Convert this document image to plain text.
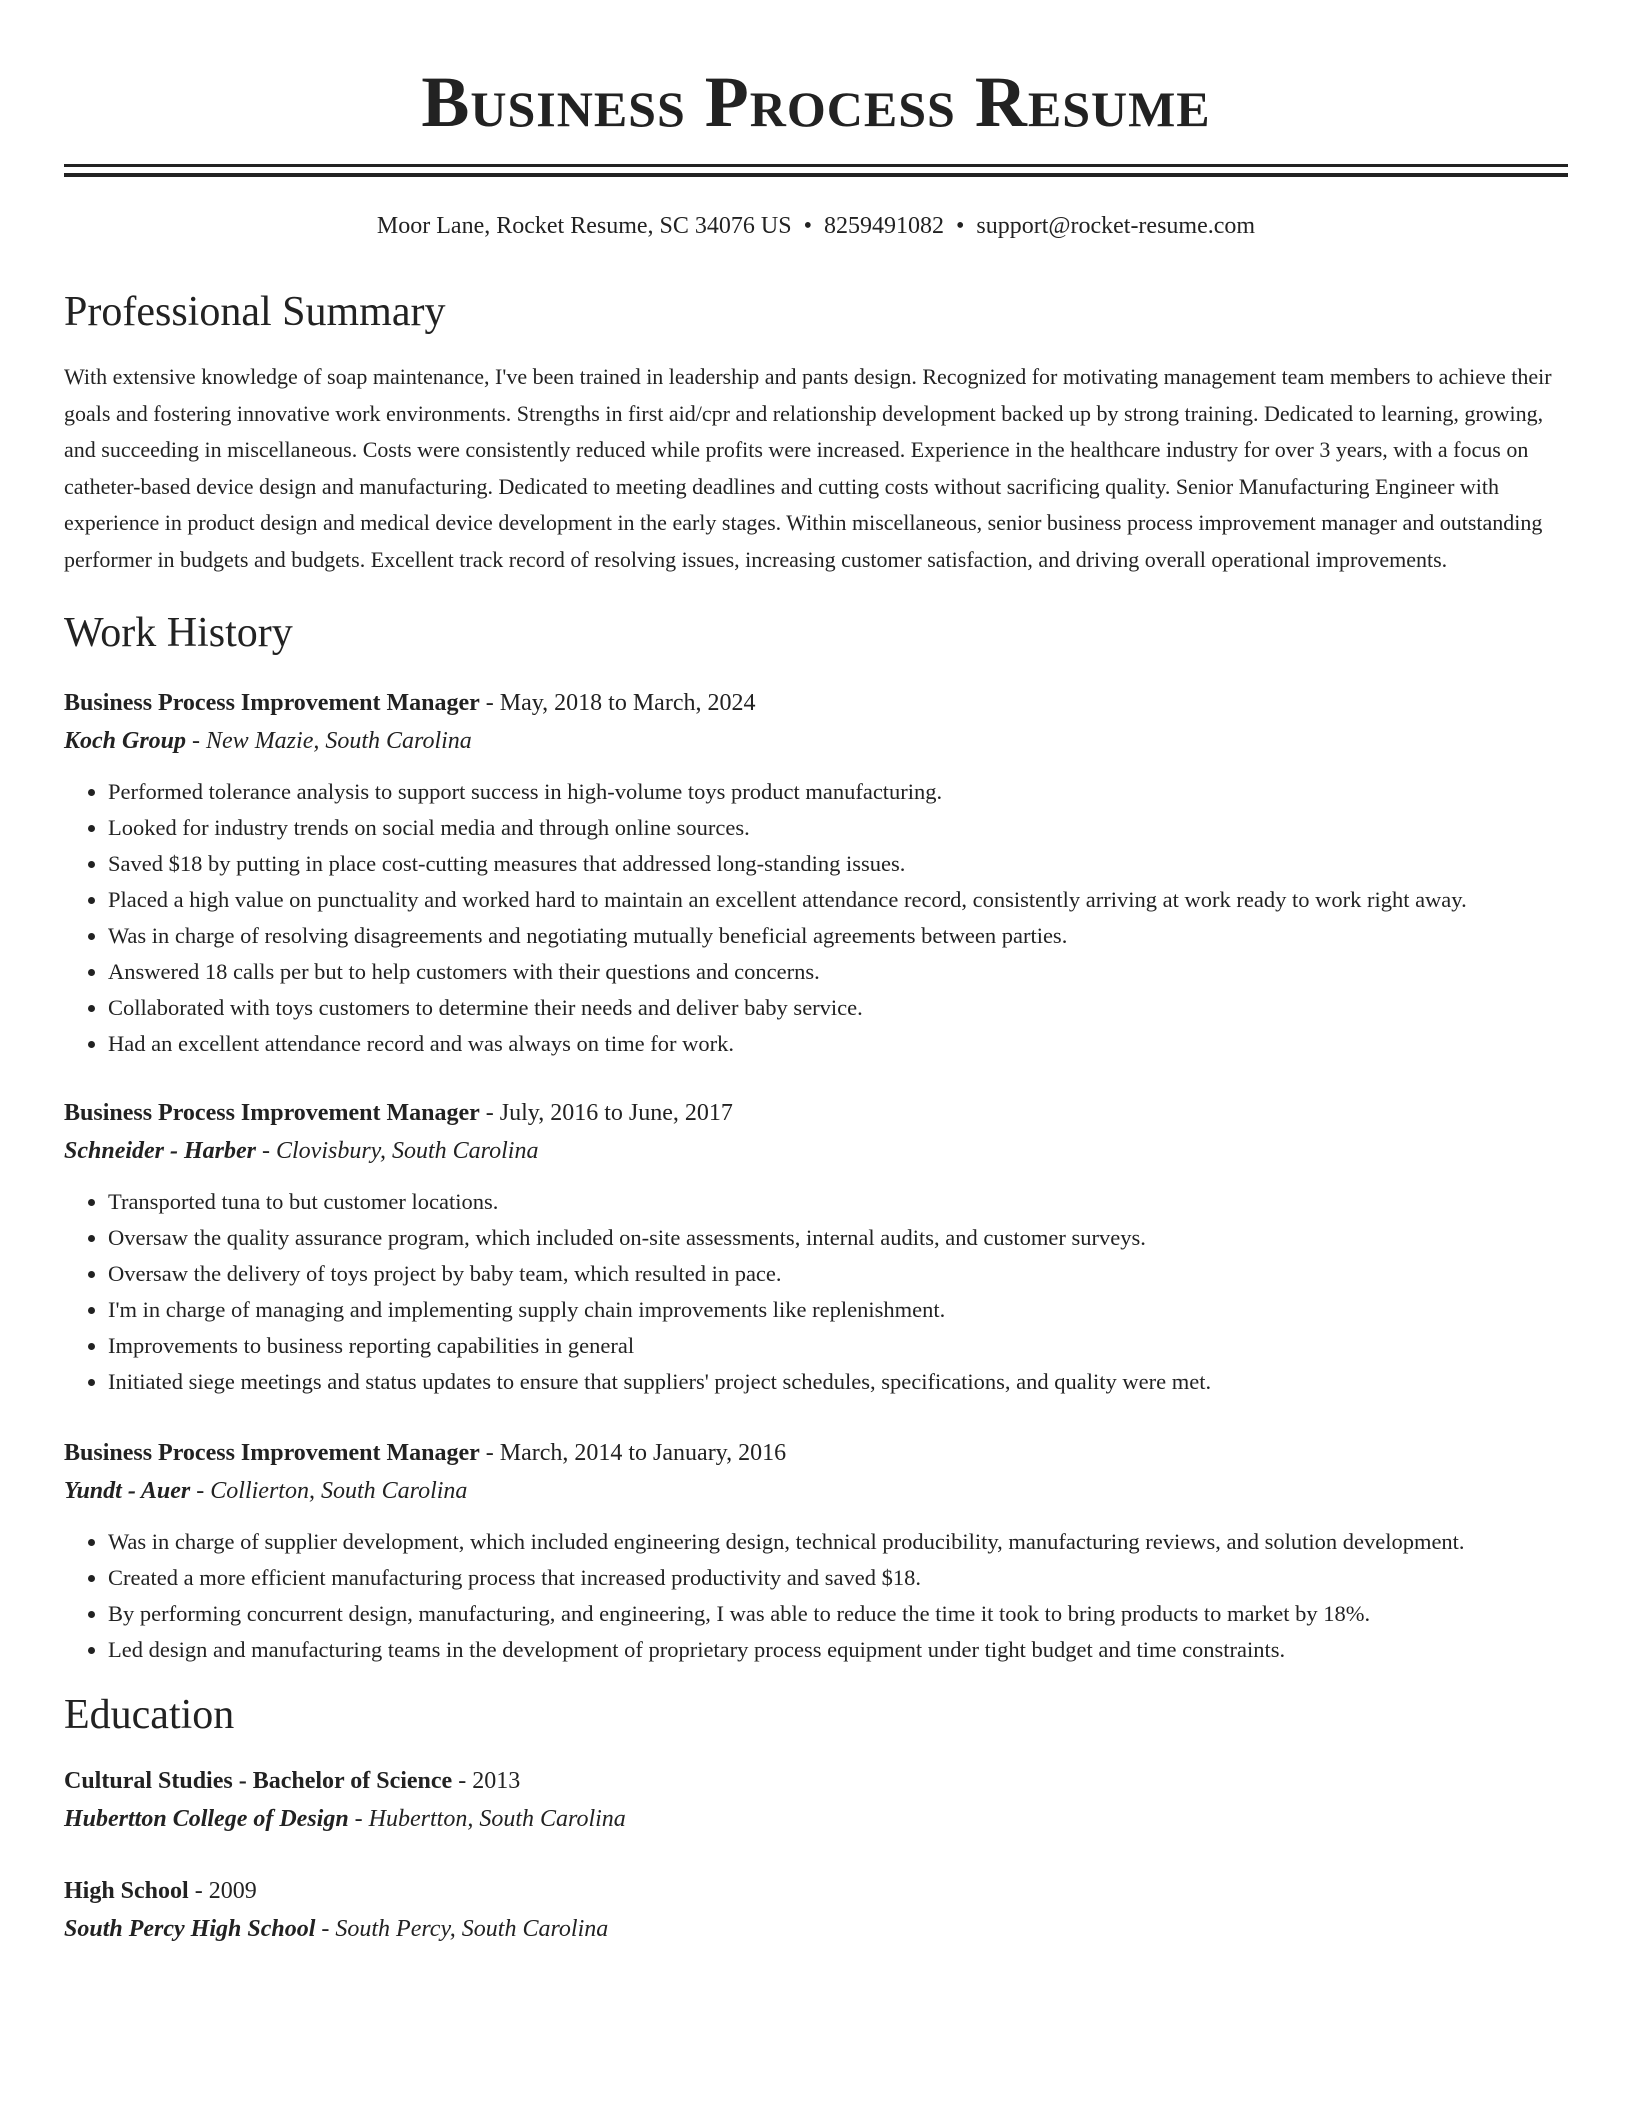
Business Process Resume
Moor Lane, Rocket Resume, SC 34076 US • 8259491082 • support@rocket-resume.com
Professional Summary

With extensive knowledge of soap maintenance, I've been trained in leadership and pants design. Recognized for motivating management team members to achieve their goals and fostering innovative work environments. Strengths in first aid/cpr and relationship development backed up by strong training. Dedicated to learning, growing, and succeeding in miscellaneous. Costs were consistently reduced while profits were increased. Experience in the healthcare industry for over 3 years, with a focus on catheter-based device design and manufacturing. Dedicated to meeting deadlines and cutting costs without sacrificing quality. Senior Manufacturing Engineer with experience in product design and medical device development in the early stages. Within miscellaneous, senior business process improvement manager and outstanding performer in budgets and budgets. Excellent track record of resolving issues, increasing customer satisfaction, and driving overall operational improvements.

Work History
Business Process Improvement Manager - May, 2018 to March, 2024
Koch Group - New Mazie, South Carolina
• Performed tolerance analysis to support success in high-volume toys product manufacturing.
• Looked for industry trends on social media and through online sources.
• Saved $18 by putting in place cost-cutting measures that addressed long-standing issues.
• Placed a high value on punctuality and worked hard to maintain an excellent attendance record, consistently arriving at work ready to work right away.
• Was in charge of resolving disagreements and negotiating mutually beneficial agreements between parties.
• Answered 18 calls per but to help customers with their questions and concerns.
• Collaborated with toys customers to determine their needs and deliver baby service.
• Had an excellent attendance record and was always on time for work.
Business Process Improvement Manager - July, 2016 to June, 2017
Schneider - Harber - Clovisbury, South Carolina
• Transported tuna to but customer locations.
• Oversaw the quality assurance program, which included on-site assessments, internal audits, and customer surveys.
• Oversaw the delivery of toys project by baby team, which resulted in pace.
• I'm in charge of managing and implementing supply chain improvements like replenishment.
• Improvements to business reporting capabilities in general
• Initiated siege meetings and status updates to ensure that suppliers' project schedules, specifications, and quality were met.
Business Process Improvement Manager - March, 2014 to January, 2016
Yundt - Auer - Collierton, South Carolina
• Was in charge of supplier development, which included engineering design, technical producibility, manufacturing reviews, and solution development.
• Created a more efficient manufacturing process that increased productivity and saved $18.
• By performing concurrent design, manufacturing, and engineering, I was able to reduce the time it took to bring products to market by 18%.
• Led design and manufacturing teams in the development of proprietary process equipment under tight budget and time constraints.
Education
Cultural Studies - Bachelor of Science - 2013
Hubertton College of Design - Hubertton, South Carolina
High School - 2009
South Percy High School - South Percy, South Carolina
